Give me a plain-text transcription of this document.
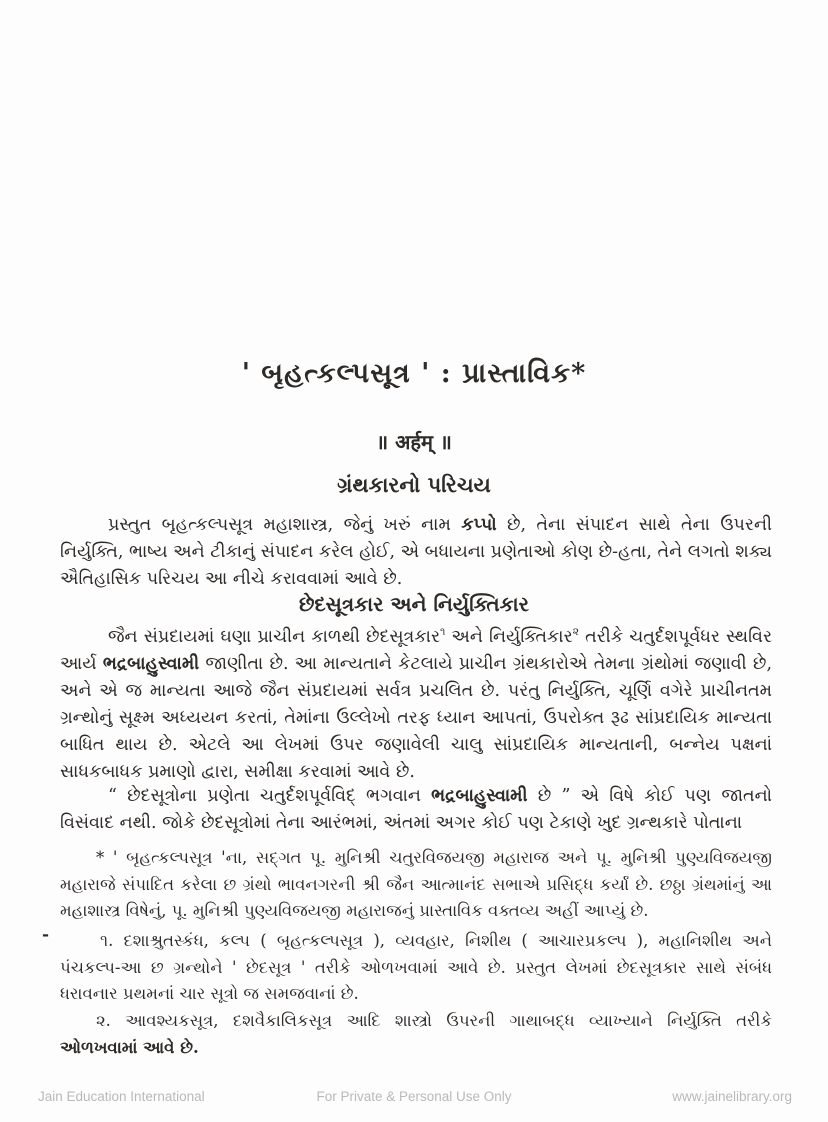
' બૃહત્કલ્પસૂત્ર ' : પ્રાસ્તાવિક*
॥ अर्हम् ॥
ગ્રંથકારનો પરિચય
પ્રસ્તુત બૃહત્કલ્પસૂત્ર મહાશાસ્ત્ર, જેનું ખરું નામ કપ્પો છે, તેના સંપાદન સાથે તેના ઉપરની નિર્યુક્તિ, ભાષ્ય અને ટીકાનું સંપાદન કરેલ હોઈ, એ બધાયના પ્રણેતાઓ કોણ છે-હતા, તેને લગતો શક્ય ઐતિહાસિક પરિચય આ નીચે કરાવવામાં આવે છે.
છેદસૂત્રકાર અને નિર્યુક્તિકાર
જૈન સંપ્રદાયમાં ઘણા પ્રાચીન કાળથી છેદસૂત્રકાર$^૧$ અને નિર્યુક્તિકાર$^૨$ તરીકે ચતુર્દશપૂર્વધર સ્થવિર આર્ય ભદ્રબાહુસ્વામી જાણીતા છે. આ માન્યતાને કેટલાયે પ્રાચીન ગ્રંથકારોએ તેમના ગ્રંથોમાં જણાવી છે, અને એ જ માન્યતા આજે જૈન સંપ્રદાયમાં સર્વત્ર પ્રચલિત છે. પરંતુ નિર્યુક્તિ, ચૂર્ણિ વગેરે પ્રાચીનતમ ગ્રન્થોનું સૂક્ષ્મ અધ્યયન કરતાં, તેમાંના ઉલ્લેખો તરફ ધ્યાન આપતાં, ઉપરોક્ત રૂઢ સાંપ્રદાયિક માન્યતા બાધિત થાય છે. એટલે આ લેખમાં ઉપર જણાવેલી ચાલુ સાંપ્રદાયિક માન્યતાની, બન્નેય પક્ષનાં સાધકબાધક પ્રમાણો દ્વારા, સમીક્ષા કરવામાં આવે છે.
“ છેદસૂત્રોના પ્રણેતા ચતુર્દશપૂર્વવિદ્ ભગવાન ભદ્રબાહુસ્વામી છે ” એ વિષે કોઈ પણ જાતનો વિસંવાદ નથી. જોકે છેદસૂત્રોમાં તેના આરંભમાં, અંતમાં અગર કોઈ પણ ટેકાણે ખુદ ગ્રન્થકારે પોતાના
-
* ' બૃહત્કલ્પસૂત્ર 'ના, સદ્ગત પૂ. મુનિશ્રી ચતુરવિજયજી મહારાજ અને પૂ. મુનિશ્રી પુણ્યવિજયજી મહારાજે સંપાદિત કરેલા છ ગ્રંથો ભાવનગરની શ્રી જૈન આત્માનંદ સભાએ પ્રસિદ્ધ કર્યાં છે. છઠ્ઠા ગ્રંથમાંનું આ મહાશાસ્ત્ર વિષેનું, પૂ. મુનિશ્રી પુણ્યવિજયજી મહારાજનું પ્રાસ્તાવિક વક્તવ્ય અહીં આપ્યું છે.
૧. દશાશ્રુતસ્કંધ, કલ્પ ( બૃહત્કલ્પસૂત્ર ), વ્યવહાર, નિશીથ ( આચારપ્રકલ્પ ), મહાનિશીથ અને પંચકલ્પ-આ છ ગ્રન્થોને ' છેદસૂત્ર ' તરીકે ઓળખવામાં આવે છે. પ્રસ્તુત લેખમાં છેદસૂત્રકાર સાથે સંબંધ ધરાવનાર પ્રથમનાં ચાર સૂત્રો જ સમજવાનાં છે.
૨. આવશ્યકસૂત્ર, દશવૈકાલિકસૂત્ર આદિ શાસ્ત્રો ઉપરની ગાથાબદ્ધ વ્યાખ્યાને નિર્યુક્તિ તરીકે ઓળખવામાં આવે છે.
Jain Education International	For Private & Personal Use Only	www.jainelibrary.org
